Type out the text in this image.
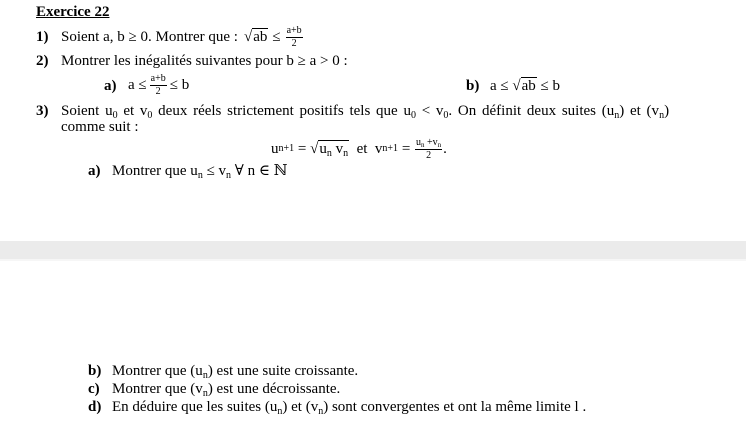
Exercice 22
1) Soient a, b ≥ 0. Montrer que : $√ab \le \frac{a+b}{2}$
2) Montrer les inégalités suivantes pour b ≥ a > 0 :
a) $a \le \frac{a+b}{2} \le b$	b) a ≤ √ab ≤ b
3) Soient $u_0$ et $v_0$ deux réels strictement positifs tels que $u_0 < v_0$. On définit deux suites $(u_n)$ et $(v_n)$
comme suit :
u $n+1 = √u_n$ $v_n$ et v $n+1 = \frac{u_n +v_n}{2}$ .
a) Montrer que $u_n \le v_n$ ∀ n ∈ ℕ
b) Montrer que $(u_n)$ est une suite croissante.
c) Montrer que $(v_n)$ est une décroissante.
d) En déduire que les suites $(u_n)$ et $(v_n)$ sont convergentes et ont la même limite l .
